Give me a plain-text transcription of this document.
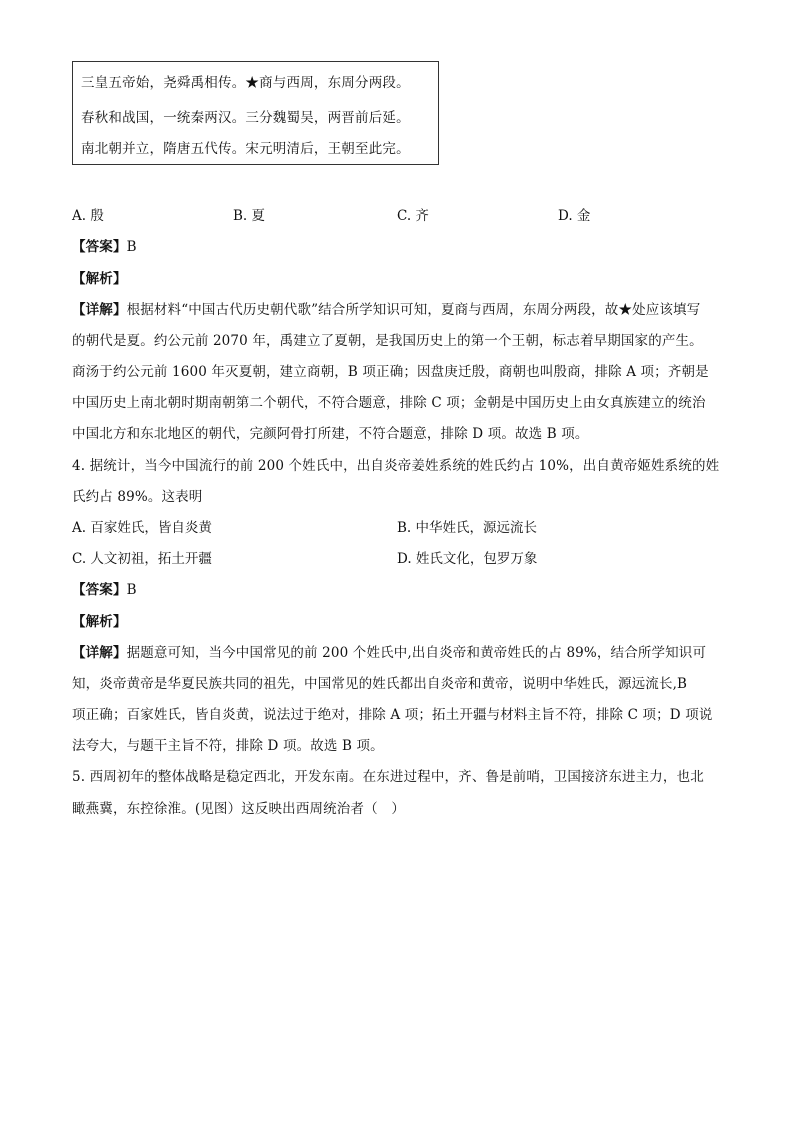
三皇五帝始，尧舜禹相传。★商与西周，东周分两段。
春秋和战国，一统秦两汉。三分魏蜀吴，两晋前后延。
南北朝并立，隋唐五代传。宋元明清后，王朝至此完。
A. 殷	B. 夏	C. 齐	D. 金
【答案】B
【解析】
【详解】根据材料“中国古代历史朝代歌”结合所学知识可知，夏商与西周，东周分两段，故★处应该填写
的朝代是夏。约公元前 2070 年，禹建立了夏朝，是我国历史上的第一个王朝，标志着早期国家的产生。
商汤于约公元前 1600 年灭夏朝，建立商朝，B 项正确；因盘庚迁殷，商朝也叫殷商，排除 A 项；齐朝是
中国历史上南北朝时期南朝第二个朝代，不符合题意，排除 C 项；金朝是中国历史上由女真族建立的统治
中国北方和东北地区的朝代，完颜阿骨打所建，不符合题意，排除 D 项。故选 B 项。
4. 据统计，当今中国流行的前 200 个姓氏中，出自炎帝姜姓系统的姓氏约占 10%，出自黄帝姬姓系统的姓
氏约占 89%。这表明
A. 百家姓氏，皆自炎黄	B. 中华姓氏，源远流长
C. 人文初祖，拓土开疆	D. 姓氏文化，包罗万象
【答案】B
【解析】
【详解】据题意可知，当今中国常见的前 200 个姓氏中,出自炎帝和黄帝姓氏的占 89%，结合所学知识可
知，炎帝黄帝是华夏民族共同的祖先，中国常见的姓氏都出自炎帝和黄帝，说明中华姓氏，源远流长,B
项正确；百家姓氏，皆自炎黄，说法过于绝对，排除 A 项；拓土开疆与材料主旨不符，排除 C 项；D 项说
法夸大，与题干主旨不符，排除 D 项。故选 B 项。
5. 西周初年的整体战略是稳定西北，开发东南。在东进过程中，齐、鲁是前哨，卫国接济东进主力，也北
瞰燕冀，东控徐淮。(见图）这反映出西周统治者（　）
